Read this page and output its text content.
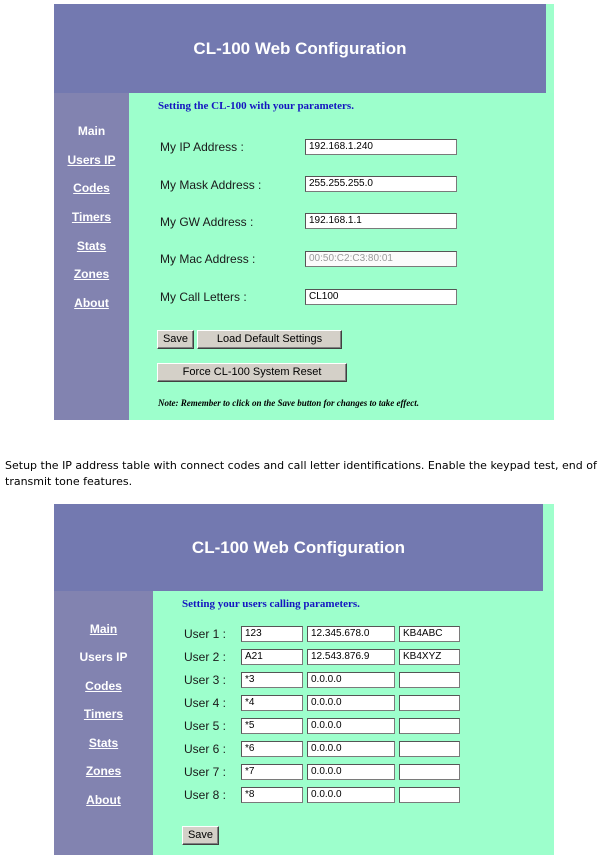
CL-100 Web Configuration
Main
Users IP
Codes
Timers
Stats
Zones
About
Setting the CL-100 with your parameters.
My IP Address :	192.168.1.240
My Mask Address :	255.255.255.0
My GW Address :	192.168.1.1
My Mac Address :	00:50:C2:C3:80:01
My Call Letters :	CL100
Save	Load Default Settings
Force CL-100 System Reset
Note: Remember to click on the Save button for changes to take effect.
Setup the IP address table with connect codes and call letter identifications. Enable the keypad test, end of transmit tone features.
CL-100 Web Configuration
Main
Users IP
Codes
Timers
Stats
Zones
About
Setting your users calling parameters.
User 1 :	123	12.345.678.0	KB4ABC
User 2 :	A21	12.543.876.9	KB4XYZ
User 3 :	*3	0.0.0.0
User 4 :	*4	0.0.0.0
User 5 :	*5	0.0.0.0
User 6 :	*6	0.0.0.0
User 7 :	*7	0.0.0.0
User 8 :	*8	0.0.0.0
Save
